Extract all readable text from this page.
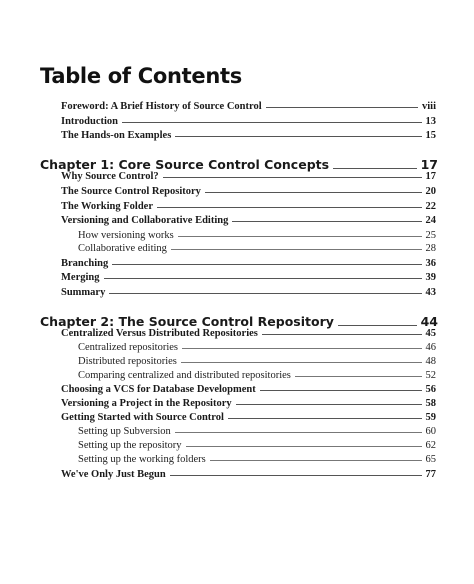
Table of Contents
Foreword: A Brief History of Source Control	viii
Introduction	13
The Hands-on Examples	15
Chapter 1: Core Source Control Concepts	17
Why Source Control?	17
The Source Control Repository	20
The Working Folder	22
Versioning and Collaborative Editing	24
How versioning works	25
Collaborative editing	28
Branching	36
Merging	39
Summary	43
Chapter 2: The Source Control Repository	44
Centralized Versus Distributed Repositories	45
Centralized repositories	46
Distributed repositories	48
Comparing centralized and distributed repositories	52
Choosing a VCS for Database Development	56
Versioning a Project in the Repository	58
Getting Started with Source Control	59
Setting up Subversion	60
Setting up the repository	62
Setting up the working folders	65
We've Only Just Begun	77
